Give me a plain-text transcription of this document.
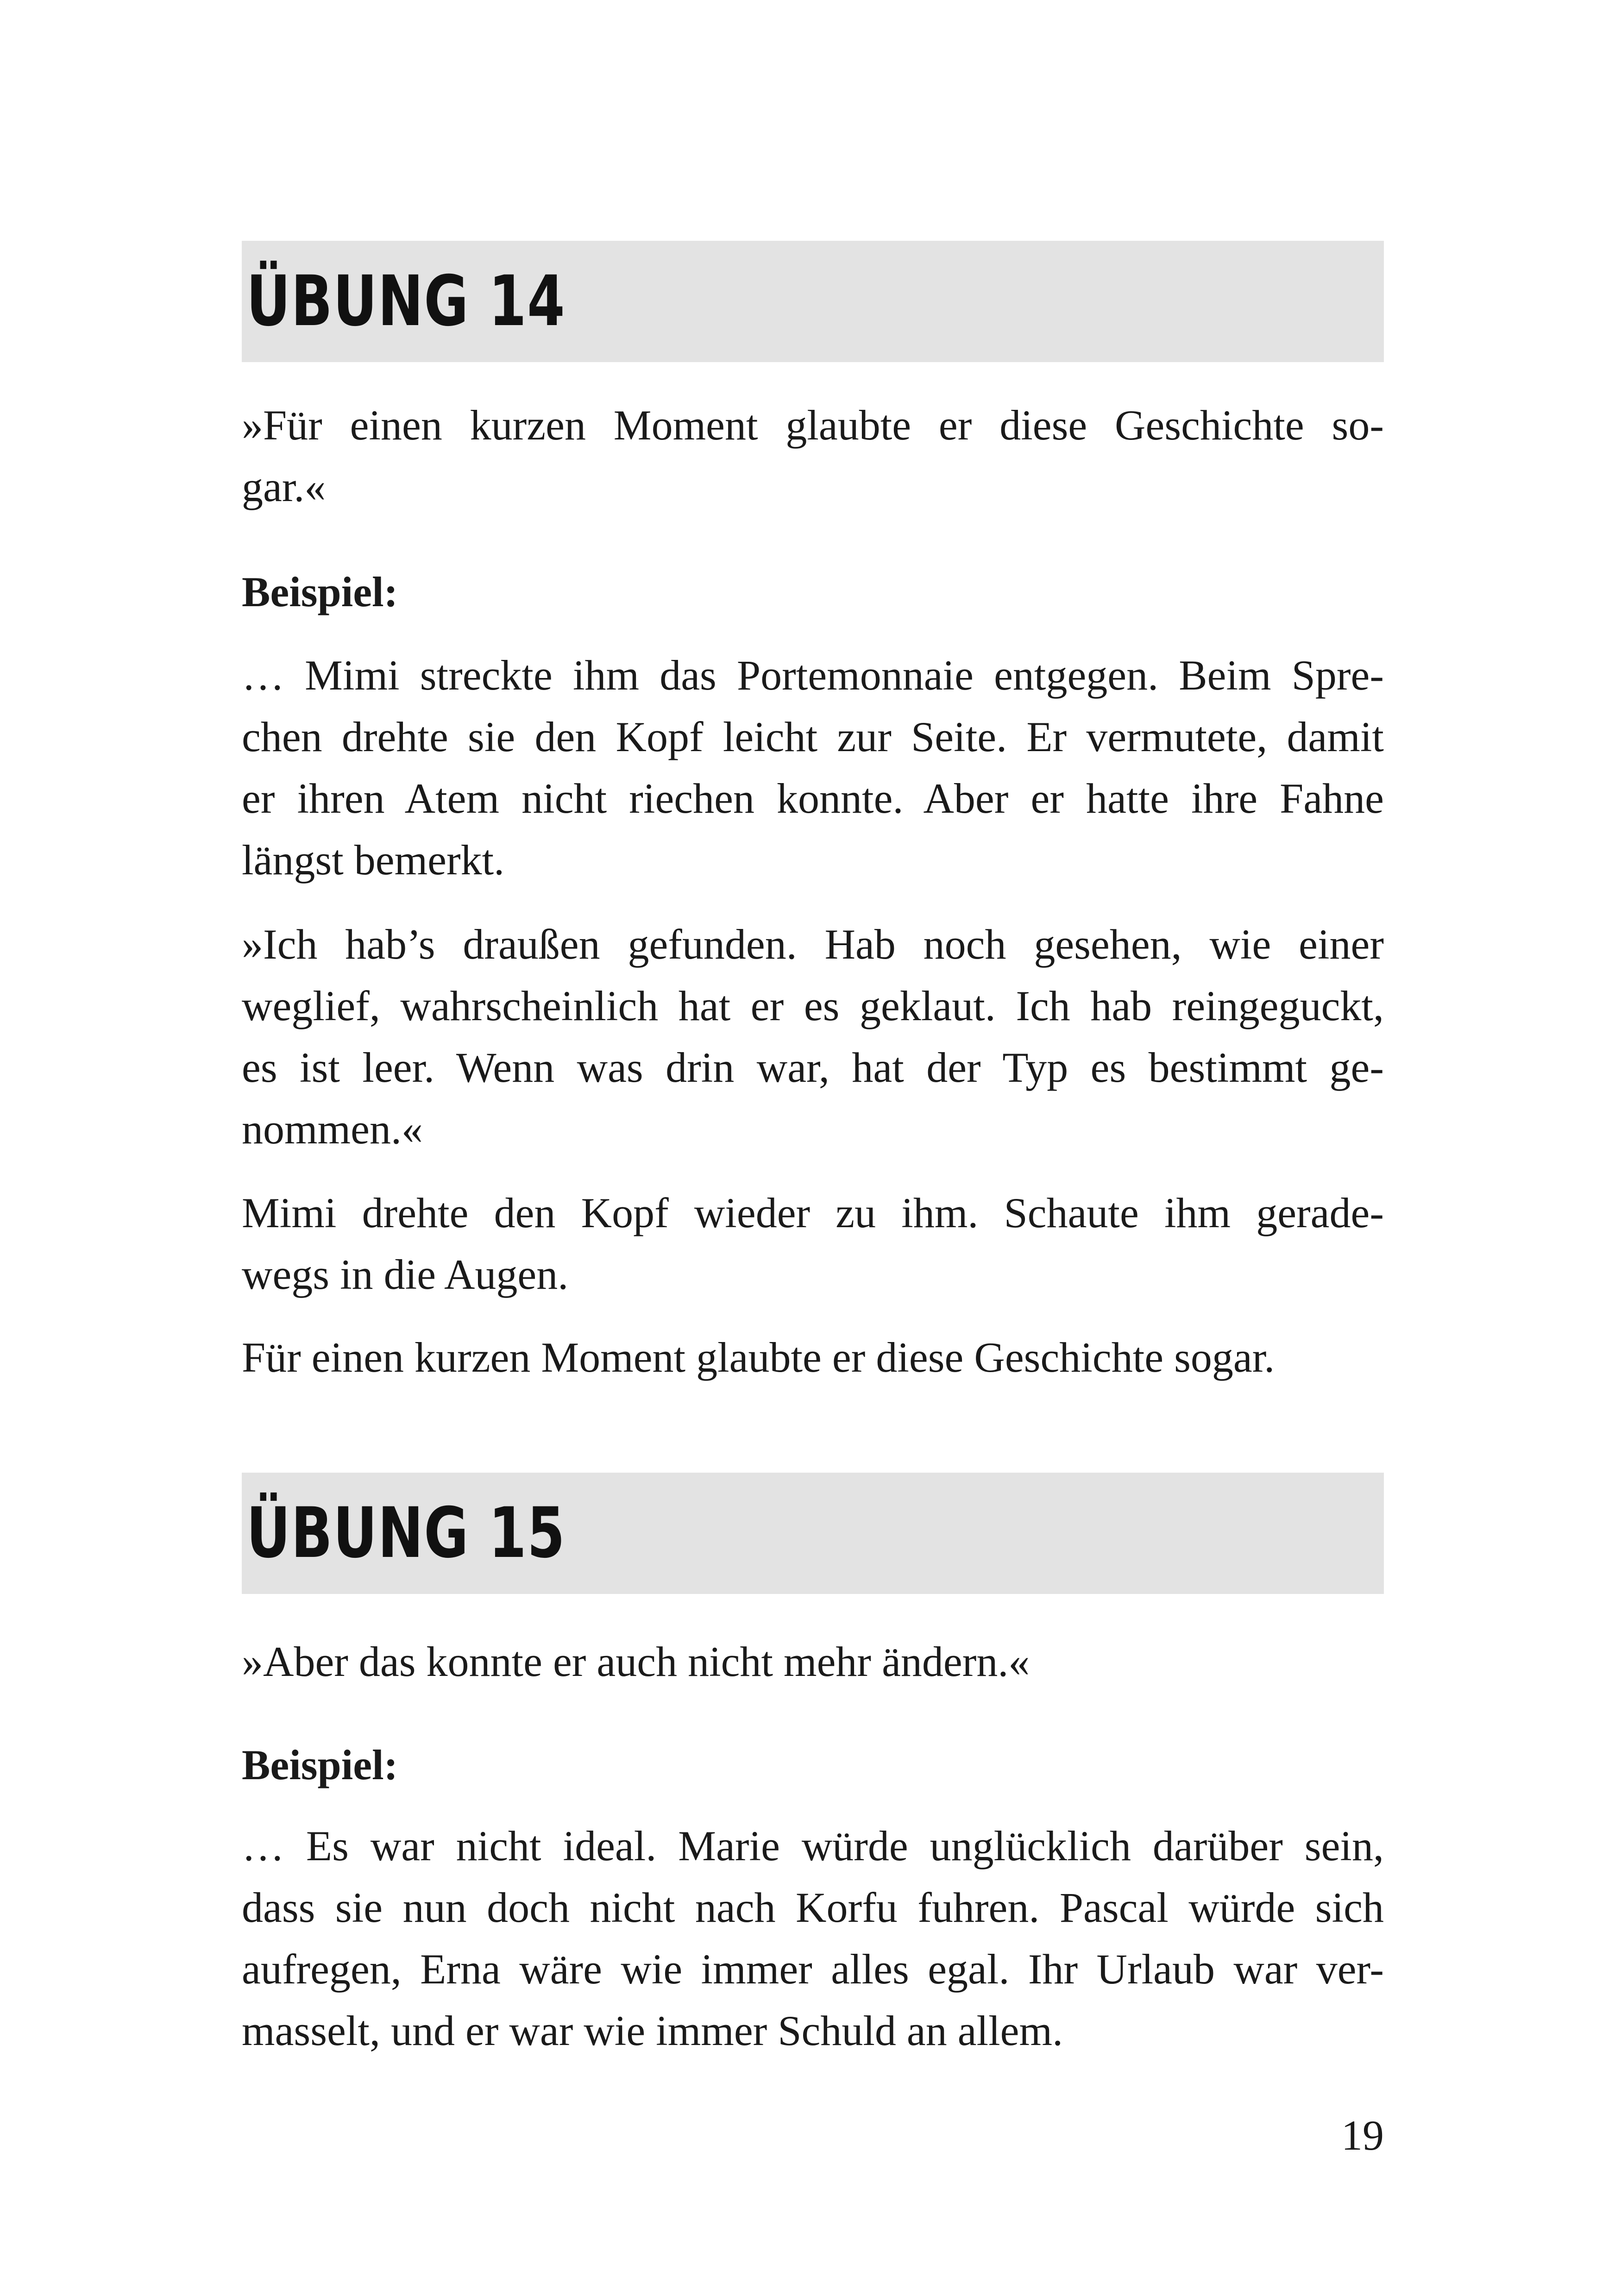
ÜBUNG 14

»Für einen kurzen Moment glaubte er diese Geschichte so-
gar.«

Beispiel:

… Mimi streckte ihm das Portemonnaie entgegen. Beim Spre-
chen drehte sie den Kopf leicht zur Seite. Er vermutete, damit
er ihren Atem nicht riechen konnte. Aber er hatte ihre Fahne
längst bemerkt.

»Ich hab’s draußen gefunden. Hab noch gesehen, wie einer
weglief, wahrscheinlich hat er es geklaut. Ich hab reingeguckt,
es ist leer. Wenn was drin war, hat der Typ es bestimmt ge-
nommen.«

Mimi drehte den Kopf wieder zu ihm. Schaute ihm gerade-
wegs in die Augen.

Für einen kurzen Moment glaubte er diese Geschichte sogar.

ÜBUNG 15

»Aber das konnte er auch nicht mehr ändern.«

Beispiel:

… Es war nicht ideal. Marie würde unglücklich darüber sein,
dass sie nun doch nicht nach Korfu fuhren. Pascal würde sich
aufregen, Erna wäre wie immer alles egal. Ihr Urlaub war ver-
masselt, und er war wie immer Schuld an allem.

19
